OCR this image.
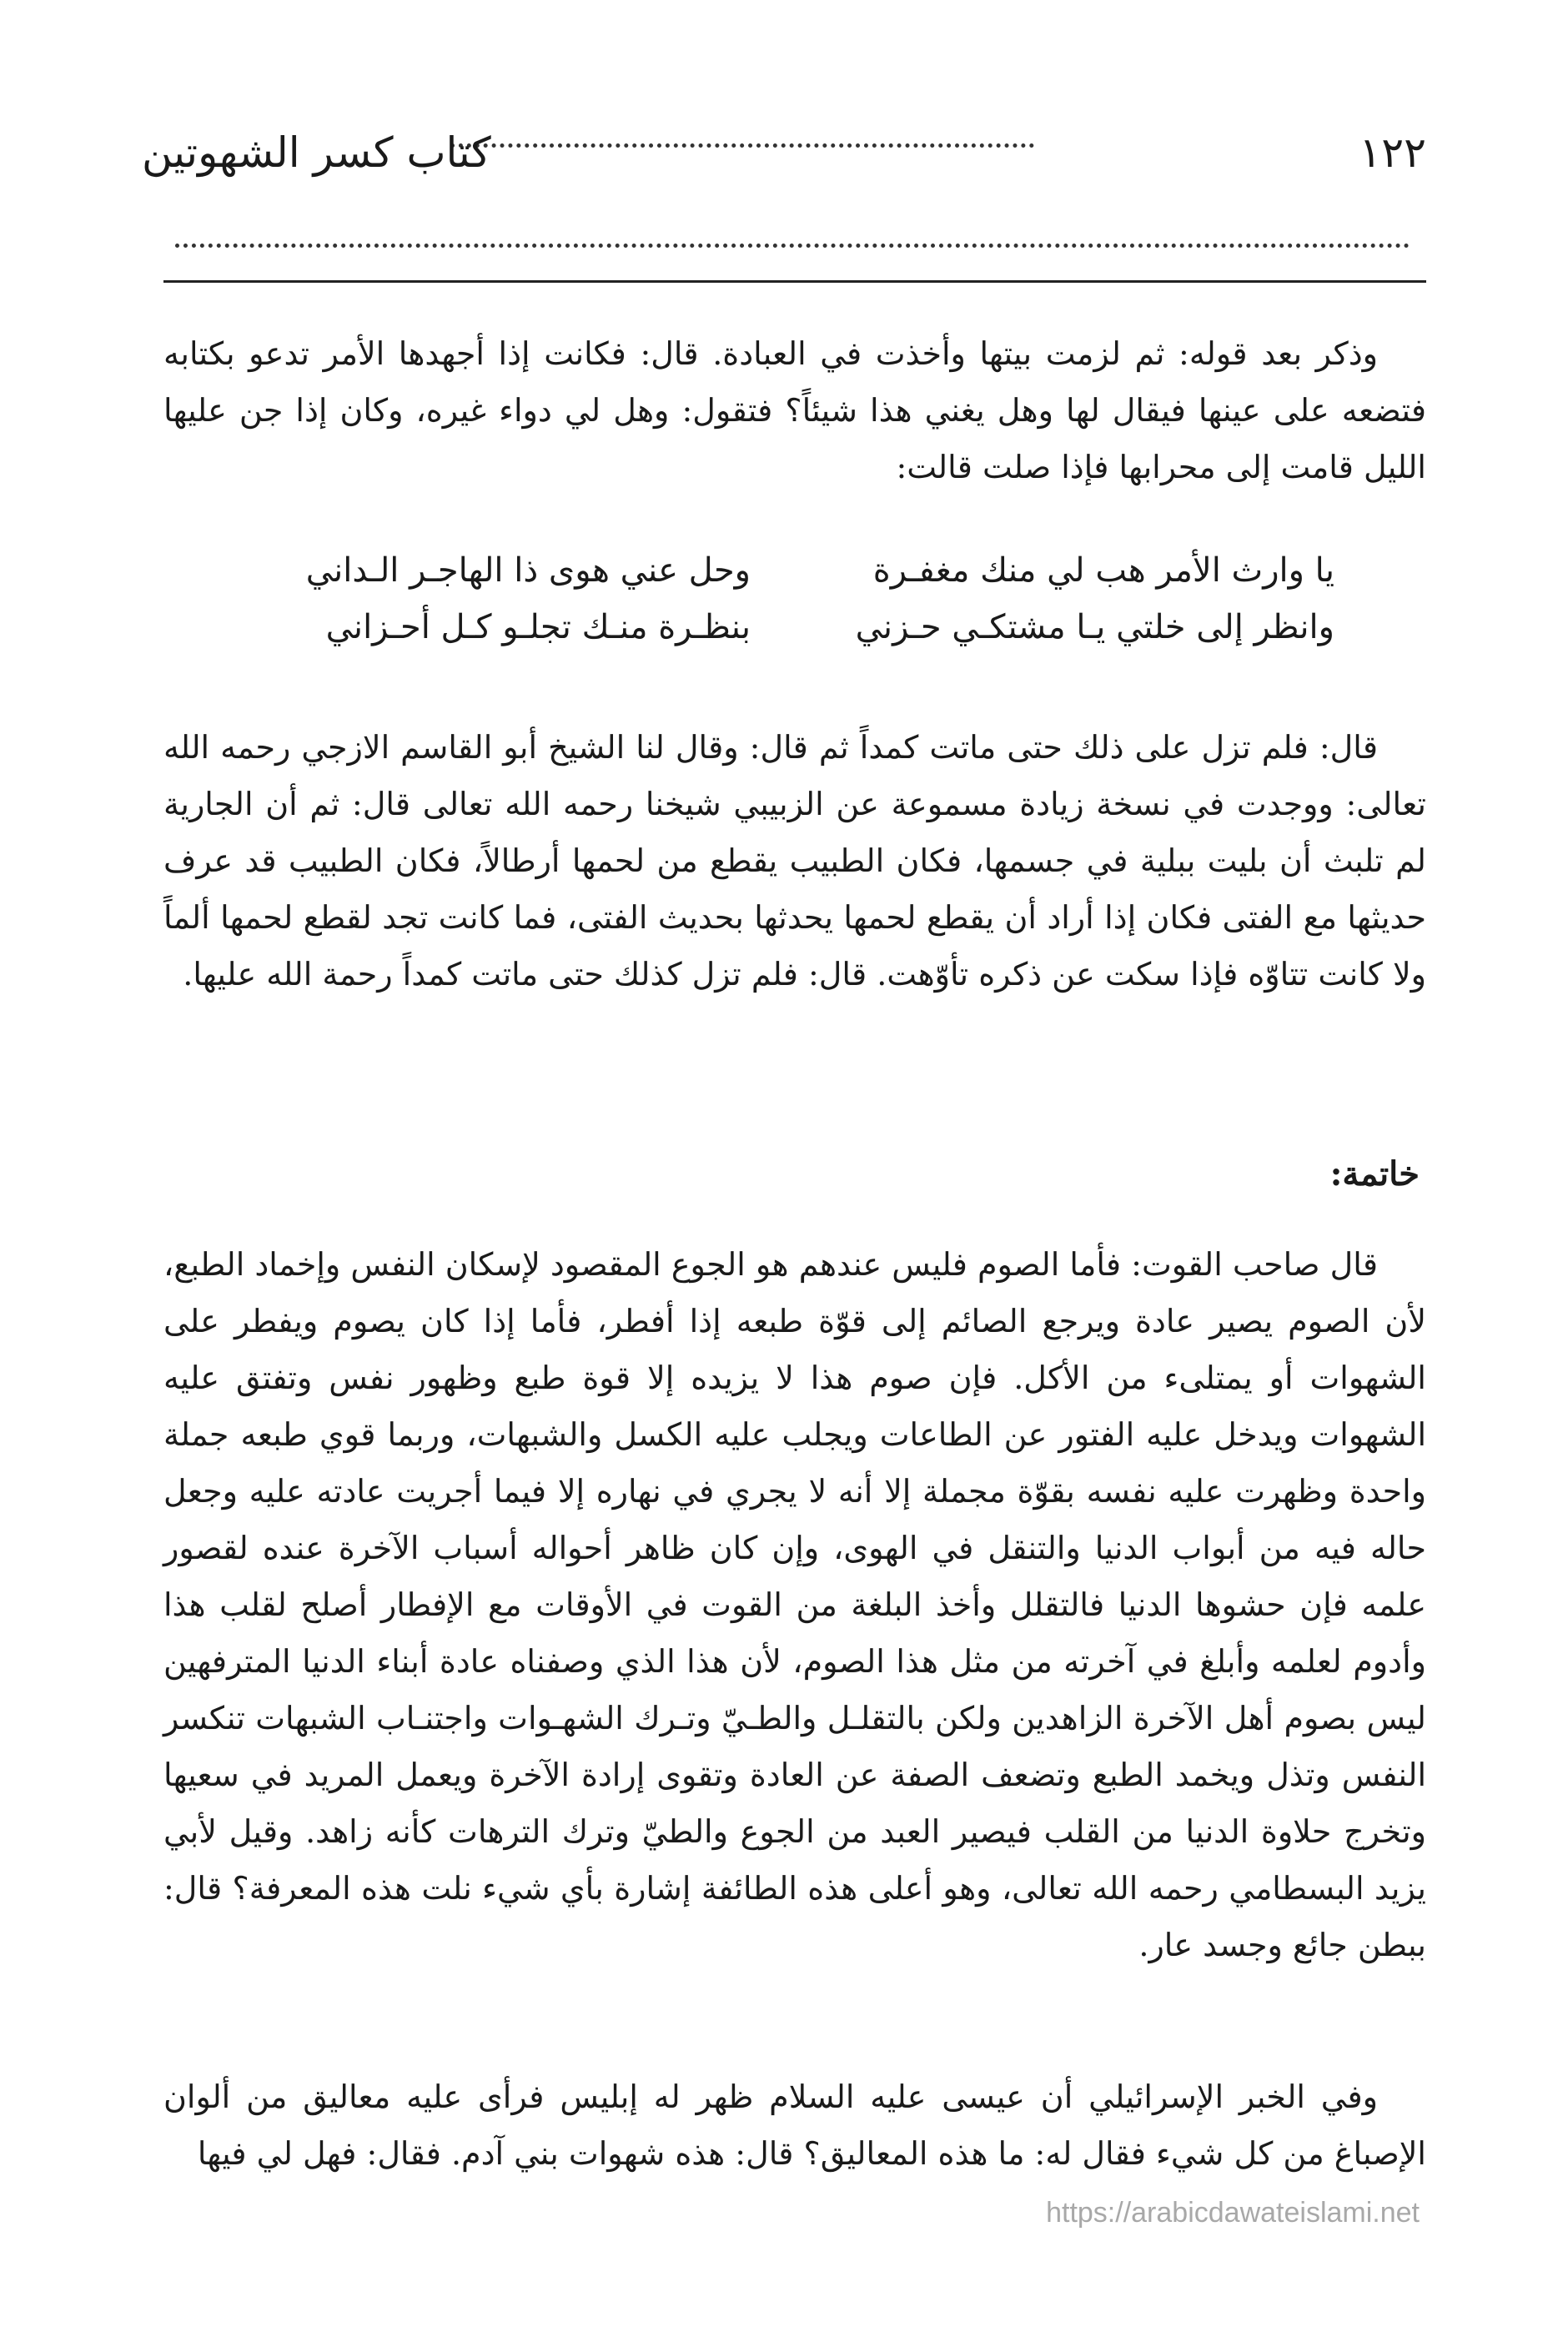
١٢٢
كتاب كسر الشهوتين

وذكر بعد قوله: ثم لزمت بيتها وأخذت في العبادة. قال: فكانت إذا أجهدها الأمر تدعو بكتابه فتضعه على عينها فيقال لها وهل يغني هذا شيئاً؟ فتقول: وهل لي دواء غيره، وكان إذا جن عليها الليل قامت إلى محرابها فإذا صلت قالت:

يا وارث الأمر هب لي منك مغفـرة
وحل عني هوى ذا الهاجـر الـداني
وانظر إلى خلتي يـا مشتكـي حـزني
بنظـرة منـك تجلـو كـل أحـزاني

قال: فلم تزل على ذلك حتى ماتت كمداً ثم قال: وقال لنا الشيخ أبو القاسم الازجي رحمه الله تعالى: ووجدت في نسخة زيادة مسموعة عن الزبيبي شيخنا رحمه الله تعالى قال: ثم أن الجارية لم تلبث أن بليت ببلية في جسمها، فكان الطبيب يقطع من لحمها أرطالاً، فكان الطبيب قد عرف حديثها مع الفتى فكان إذا أراد أن يقطع لحمها يحدثها بحديث الفتى، فما كانت تجد لقطع لحمها ألماً ولا كانت تتاوّه فإذا سكت عن ذكره تأوّهت. قال: فلم تزل كذلك حتى ماتت كمداً رحمة الله عليها.

خاتمة:

قال صاحب القوت: فأما الصوم فليس عندهم هو الجوع المقصود لإسكان النفس وإخماد الطبع، لأن الصوم يصير عادة ويرجع الصائم إلى قوّة طبعه إذا أفطر، فأما إذا كان يصوم ويفطر على الشهوات أو يمتلىء من الأكل. فإن صوم هذا لا يزيده إلا قوة طبع وظهور نفس وتفتق عليه الشهوات ويدخل عليه الفتور عن الطاعات ويجلب عليه الكسل والشبهات، وربما قوي طبعه جملة واحدة وظهرت عليه نفسه بقوّة مجملة إلا أنه لا يجري في نهاره إلا فيما أجريت عادته عليه وجعل حاله فيه من أبواب الدنيا والتنقل في الهوى، وإن كان ظاهر أحواله أسباب الآخرة عنده لقصور علمه فإن حشوها الدنيا فالتقلل وأخذ البلغة من القوت في الأوقات مع الإفطار أصلح لقلب هذا وأدوم لعلمه وأبلغ في آخرته من مثل هذا الصوم، لأن هذا الذي وصفناه عادة أبناء الدنيا المترفهين ليس بصوم أهل الآخرة الزاهدين ولكن بالتقلـل والطـيّ وتـرك الشهـوات واجتنـاب الشبهات تنكسر النفس وتذل ويخمد الطبع وتضعف الصفة عن العادة وتقوى إرادة الآخرة ويعمل المريد في سعيها وتخرج حلاوة الدنيا من القلب فيصير العبد من الجوع والطيّ وترك الترهات كأنه زاهد. وقيل لأبي يزيد البسطامي رحمه الله تعالى، وهو أعلى هذه الطائفة إشارة بأي شيء نلت هذه المعرفة؟ قال: ببطن جائع وجسد عار.

وفي الخبر الإسرائيلي أن عيسى عليه السلام ظهر له إبليس فرأى عليه معاليق من ألوان الإصباغ من كل شيء فقال له: ما هذه المعاليق؟ قال: هذه شهوات بني آدم. فقال: فهل لي فيها

https://arabicdawateislami.net
